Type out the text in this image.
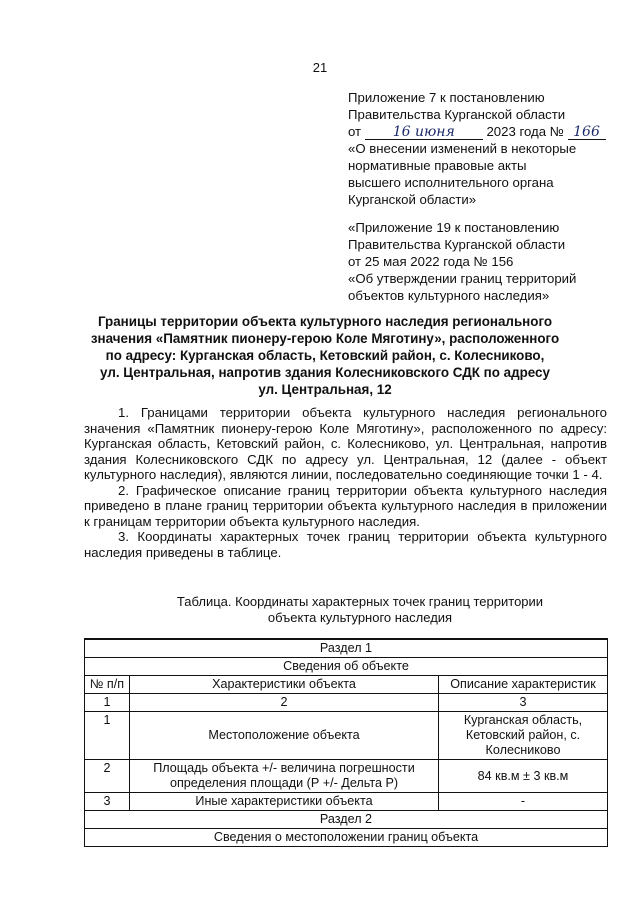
21
Приложение 7 к постановлению
Правительства Курганской области
от 16 июня 2023 года № 166
«О внесении изменений в некоторые
нормативные правовые акты
высшего исполнительного органа
Курганской области»
«Приложение 19 к постановлению
Правительства Курганской области
от 25 мая 2022 года № 156
«Об утверждении границ территорий
объектов культурного наследия»
Границы территории объекта культурного наследия регионального
значения «Памятник пионеру-герою Коле Мяготину», расположенного
по адресу: Курганская область, Кетовский район, с. Колесниково,
ул. Центральная, напротив здания Колесниковского СДК по адресу
ул. Центральная, 12

1. Границами территории объекта культурного наследия регионального значения «Памятник пионеру-герою Коле Мяготину», расположенного по адресу: Курганская область, Кетовский район, с. Колесниково, ул. Центральная, напротив здания Колесниковского СДК по адресу ул. Центральная, 12 (далее - объект культурного наследия), являются линии, последовательно соединяющие точки 1 - 4.

2. Графическое описание границ территории объекта культурного наследия приведено в плане границ территории объекта культурного наследия в приложении к границам территории объекта культурного наследия.

3. Координаты характерных точек границ территории объекта культурного наследия приведены в таблице.

Таблица. Координаты характерных точек границ территории
объекта культурного наследия
Раздел 1		
Сведения об объекте		
№ п/п	Характеристики объекта	Описание характеристик
1	2	3
1	Местоположение объекта	Курганская область, Кетовский район, с. Колесниково
2	Площадь объекта +/- величина погрешности определения площади (Р +/- Дельта Р)	84 кв.м ± 3 кв.м
3	Иные характеристики объекта	-
Раздел 2		
Сведения о местоположении границ объекта		
